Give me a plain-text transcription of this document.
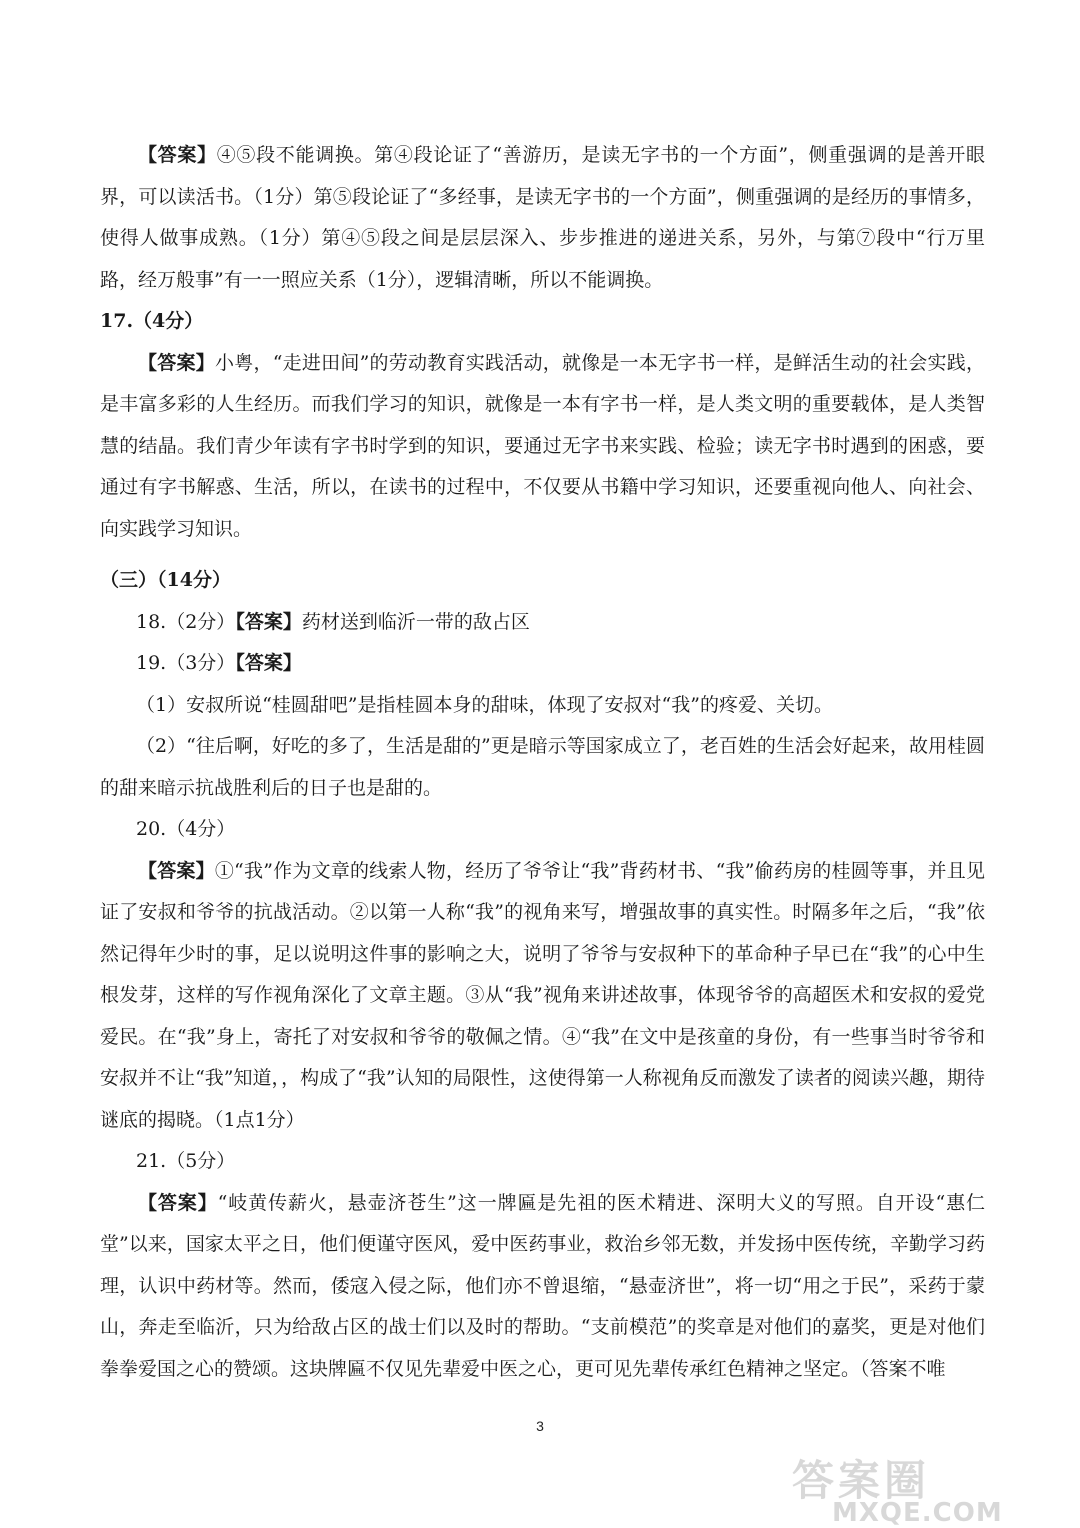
【答案】④⑤段不能调换。第④段论证了“善游历，是读无字书的一个方面”，侧重强调的是善开眼界，可以读活书。（1分）第⑤段论证了“多经事，是读无字书的一个方面”，侧重强调的是经历的事情多，使得人做事成熟。（1分）第④⑤段之间是层层深入、步步推进的递进关系，另外，与第⑦段中“行万里路，经万般事”有一一照应关系（1分），逻辑清晰，所以不能调换。

17.（4分）

【答案】小粤，“走进田间”的劳动教育实践活动，就像是一本无字书一样，是鲜活生动的社会实践，是丰富多彩的人生经历。而我们学习的知识，就像是一本有字书一样，是人类文明的重要载体，是人类智慧的结晶。我们青少年读有字书时学到的知识，要通过无字书来实践、检验；读无字书时遇到的困惑，要通过有字书解惑、生活，所以，在读书的过程中，不仅要从书籍中学习知识，还要重视向他人、向社会、向实践学习知识。

（三）（14分）

18.（2分）【答案】药材送到临沂一带的敌占区

19.（3分）【答案】

（1）安叔所说“桂圆甜吧”是指桂圆本身的甜味，体现了安叔对“我”的疼爱、关切。

（2）“往后啊，好吃的多了，生活是甜的”更是暗示等国家成立了，老百姓的生活会好起来，故用桂圆的甜来暗示抗战胜利后的日子也是甜的。

20.（4分）

【答案】①“我”作为文章的线索人物，经历了爷爷让“我”背药材书、“我”偷药房的桂圆等事，并且见证了安叔和爷爷的抗战活动。②以第一人称“我”的视角来写，增强故事的真实性。时隔多年之后，“我”依然记得年少时的事，足以说明这件事的影响之大，说明了爷爷与安叔种下的革命种子早已在“我”的心中生根发芽，这样的写作视角深化了文章主题。③从“我”视角来讲述故事，体现爷爷的高超医术和安叔的爱党爱民。在“我”身上，寄托了对安叔和爷爷的敬佩之情。④“我”在文中是孩童的身份，有一些事当时爷爷和安叔并不让“我”知道，，构成了“我”认知的局限性，这使得第一人称视角反而激发了读者的阅读兴趣，期待谜底的揭晓。（1点1分）

21.（5分）

【答案】“岐黄传薪火，悬壶济苍生”这一牌匾是先祖的医术精进、深明大义的写照。自开设“惠仁堂”以来，国家太平之日，他们便谨守医风，爱中医药事业，救治乡邻无数，并发扬中医传统，辛勤学习药理，认识中药材等。然而，倭寇入侵之际，他们亦不曾退缩，“悬壶济世”，将一切“用之于民”，采药于蒙山，奔走至临沂，只为给敌占区的战士们以及时的帮助。“支前模范”的奖章是对他们的嘉奖，更是对他们拳拳爱国之心的赞颂。这块牌匾不仅见先辈爱中医之心，更可见先辈传承红色精神之坚定。（答案不唯

3
答案圈
MXQE.COM
